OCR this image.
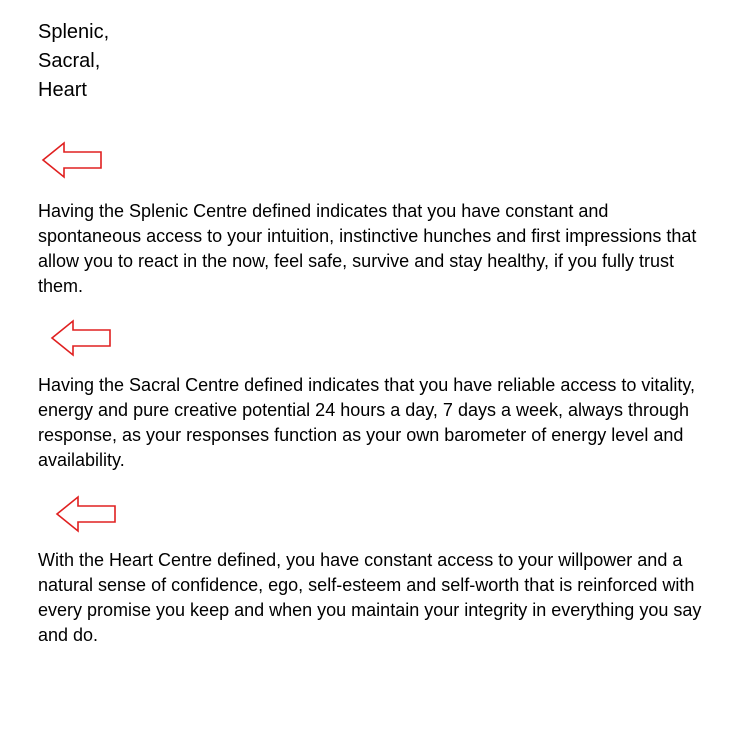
Splenic,
Sacral,
Heart

Having the Splenic Centre defined indicates that you have constant and spontaneous access to your intuition, instinctive hunches and first impressions that allow you to react in the now, feel safe, survive and stay healthy, if you fully trust them.

Having the Sacral Centre defined indicates that you have reliable access to vitality, energy and pure creative potential 24 hours a day, 7 days a week, always through response, as your responses function as your own barometer of energy level and availability.

With the Heart Centre defined, you have constant access to your willpower and a natural sense of confidence, ego, self-esteem and self-worth that is reinforced with every promise you keep and when you maintain your integrity in everything you say and do.
